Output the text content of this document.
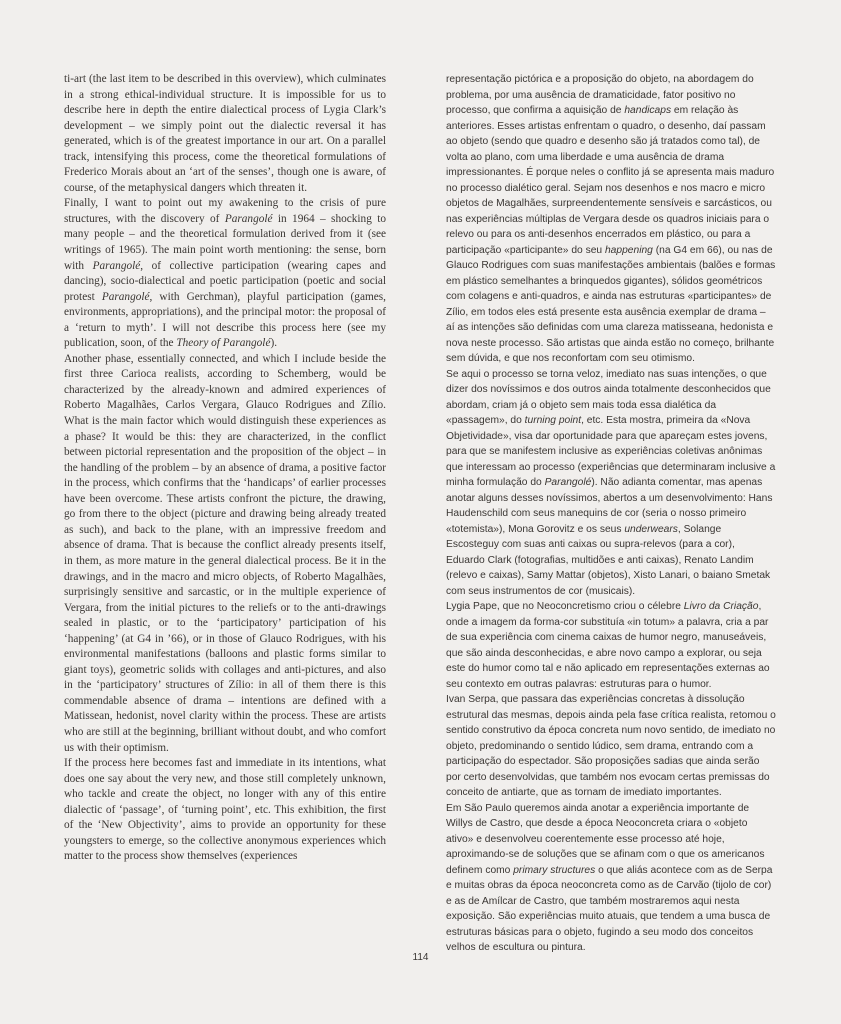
ti-art (the last item to be described in this overview), which culminates in a strong ethical-individual structure. It is impossible for us to describe here in depth the entire dialectical process of Lygia Clark’s development – we simply point out the dialectic reversal it has generated, which is of the greatest importance in our art. On a parallel track, intensifying this process, come the theoretical formulations of Frederico Morais about an ‘art of the senses’, though one is aware, of course, of the metaphysical dangers which threaten it.

Finally, I want to point out my awakening to the crisis of pure structures, with the discovery of Parangolé in 1964 – shocking to many people – and the theoretical formulation derived from it (see writings of 1965). The main point worth mentioning: the sense, born with Parangolé, of collective participation (wearing capes and dancing), socio-dialectical and poetic participation (poetic and social protest Parangolé, with Gerchman), playful participation (games, environments, appropriations), and the principal motor: the proposal of a ‘return to myth’. I will not describe this process here (see my publication, soon, of the Theory of Parangolé).

Another phase, essentially connected, and which I include beside the first three Carioca realists, according to Schemberg, would be characterized by the already-known and admired experiences of Roberto Magalhães, Carlos Vergara, Glauco Rodrigues and Zílio. What is the main factor which would distinguish these experiences as a phase? It would be this: they are characterized, in the conflict between pictorial representation and the proposition of the object – in the handling of the problem – by an absence of drama, a positive factor in the process, which confirms that the ‘handicaps’ of earlier processes have been overcome. These artists confront the picture, the drawing, go from there to the object (picture and drawing being already treated as such), and back to the plane, with an impressive freedom and absence of drama. That is because the conflict already presents itself, in them, as more mature in the general dialectical process. Be it in the drawings, and in the macro and micro objects, of Roberto Magalhães, surprisingly sensitive and sarcastic, or in the multiple experience of Vergara, from the initial pictures to the reliefs or to the anti-drawings sealed in plastic, or to the ‘participatory’ participation of his ‘happening’ (at G4 in ’66), or in those of Glauco Rodrigues, with his environmental manifestations (balloons and plastic forms similar to giant toys), geometric solids with collages and anti-pictures, and also in the ‘participatory’ structures of Zílio: in all of them there is this commendable absence of drama – intentions are defined with a Matissean, hedonist, novel clarity within the process. These are artists who are still at the beginning, brilliant without doubt, and who comfort us with their optimism.

If the process here becomes fast and immediate in its intentions, what does one say about the very new, and those still completely unknown, who tackle and create the object, no longer with any of this entire dialectic of ‘passage’, of ‘turning point’, etc. This exhibition, the first of the ‘New Objectivity’, aims to provide an opportunity for these youngsters to emerge, so the collective anonymous experiences which matter to the process show themselves (experiences

representação pictórica e a proposição do objeto, na abordagem do problema, por uma ausência de dramaticidade, fator positivo no processo, que confirma a aquisição de handicaps em relação às anteriores. Esses artistas enfrentam o quadro, o desenho, daí passam ao objeto (sendo que quadro e desenho são já tratados como tal), de volta ao plano, com uma liberdade e uma ausência de drama impressionantes. É porque neles o conflito já se apresenta mais maduro no processo dialético geral. Sejam nos desenhos e nos macro e micro objetos de Magalhães, surpreendentemente sensíveis e sarcásticos, ou nas experiências múltiplas de Vergara desde os quadros iniciais para o relevo ou para os anti-desenhos encerrados em plástico, ou para a participação «participante» do seu happening (na G4 em 66), ou nas de Glauco Rodrigues com suas manifestações ambientais (balões e formas em plástico semelhantes a brinquedos gigantes), sólidos geométricos com colagens e anti-quadros, e ainda nas estruturas «participantes» de Zílio, em todos eles está presente esta ausência exemplar de drama – aí as intenções são definidas com uma clareza matisseana, hedonista e nova neste processo. São artistas que ainda estão no começo, brilhante sem dúvida, e que nos reconfortam com seu otimismo.

Se aqui o processo se torna veloz, imediato nas suas intenções, o que dizer dos novíssimos e dos outros ainda totalmente desconhecidos que abordam, criam já o objeto sem mais toda essa dialética da «passagem», do turning point, etc. Esta mostra, primeira da «Nova Objetividade», visa dar oportunidade para que apareçam estes jovens, para que se manifestem inclusive as experiências coletivas anônimas que interessam ao processo (experiências que determinaram inclusive a minha formulação do Parangolé). Não adianta comentar, mas apenas anotar alguns desses novíssimos, abertos a um desenvolvimento: Hans Haudenschild com seus manequins de cor (seria o nosso primeiro «totemista»), Mona Gorovitz e os seus underwears, Solange Escosteguy com suas anti caixas ou supra-relevos (para a cor), Eduardo Clark (fotografias, multidões e anti caixas), Renato Landim (relevo e caixas), Samy Mattar (objetos), Xisto Lanari, o baiano Smetak com seus instrumentos de cor (musicais).

Lygia Pape, que no Neoconcretismo criou o célebre Livro da Criação, onde a imagem da forma-cor substituía «in totum» a palavra, cria a par de sua experiência com cinema caixas de humor negro, manuseáveis, que são ainda desconhecidas, e abre novo campo a explorar, ou seja este do humor como tal e não aplicado em representações externas ao seu contexto em outras palavras: estruturas para o humor.

Ivan Serpa, que passara das experiências concretas à dissolução estrutural das mesmas, depois ainda pela fase crítica realista, retomou o sentido construtivo da época concreta num novo sentido, de imediato no objeto, predominando o sentido lúdico, sem drama, entrando com a participação do espectador. São proposições sadias que ainda serão por certo desenvolvidas, que também nos evocam certas premissas do conceito de antiarte, que as tornam de imediato importantes.

Em São Paulo queremos ainda anotar a experiência importante de Willys de Castro, que desde a época Neoconcreta criara o «objeto ativo» e desenvolveu coerentemente esse processo até hoje, aproximando-se de soluções que se afinam com o que os americanos definem como primary structures o que aliás acontece com as de Serpa e muitas obras da época neoconcreta como as de Carvão (tijolo de cor) e as de Amílcar de Castro, que também mostraremos aqui nesta exposição. São experiências muito atuais, que tendem a uma busca de estruturas básicas para o objeto, fugindo a seu modo dos conceitos velhos de escultura ou pintura.

114
